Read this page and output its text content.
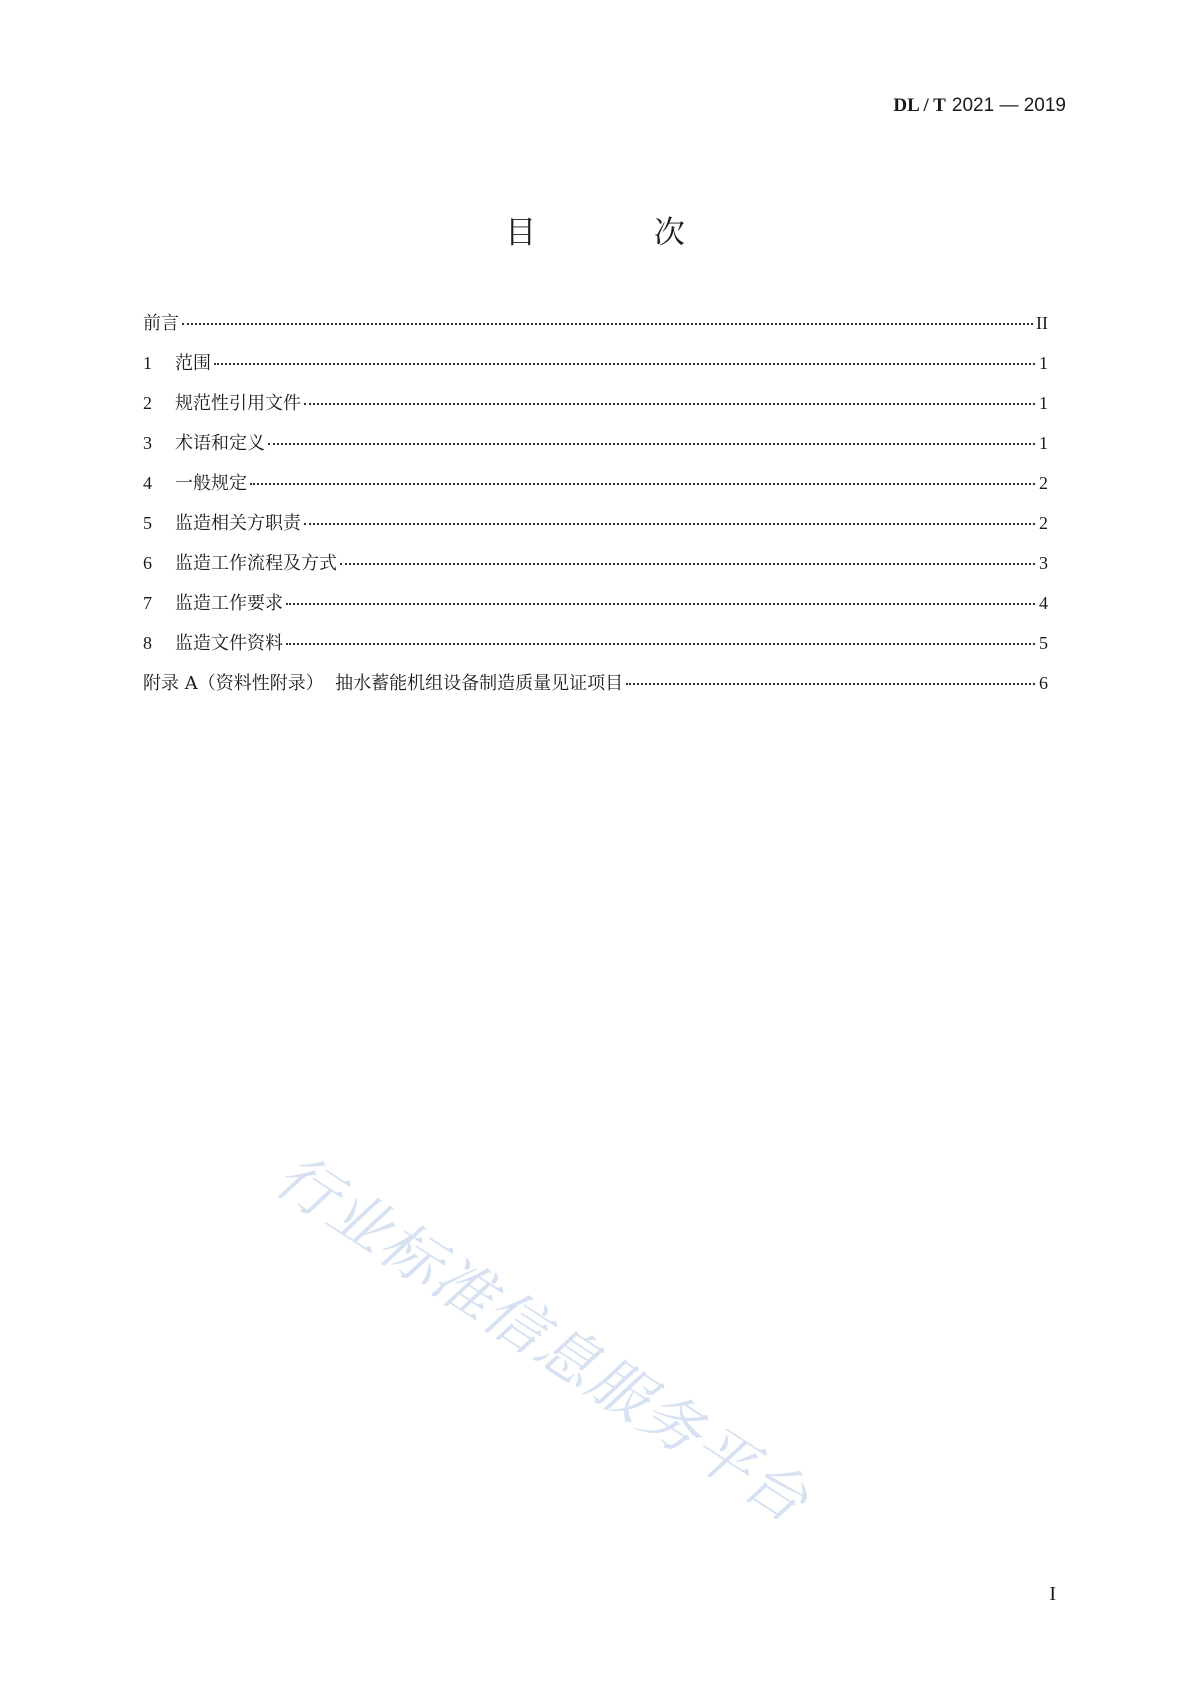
DL / T 2021 — 2019
目 次
前言	II
1	范围	1
2	规范性引用文件	1
3	术语和定义	1
4	一般规定	2
5	监造相关方职责	2
6	监造工作流程及方式	3
7	监造工作要求	4
8	监造文件资料	5
附录 A（资料性附录）  抽水蓄能机组设备制造质量见证项目	6
行业标准信息服务平台
I
